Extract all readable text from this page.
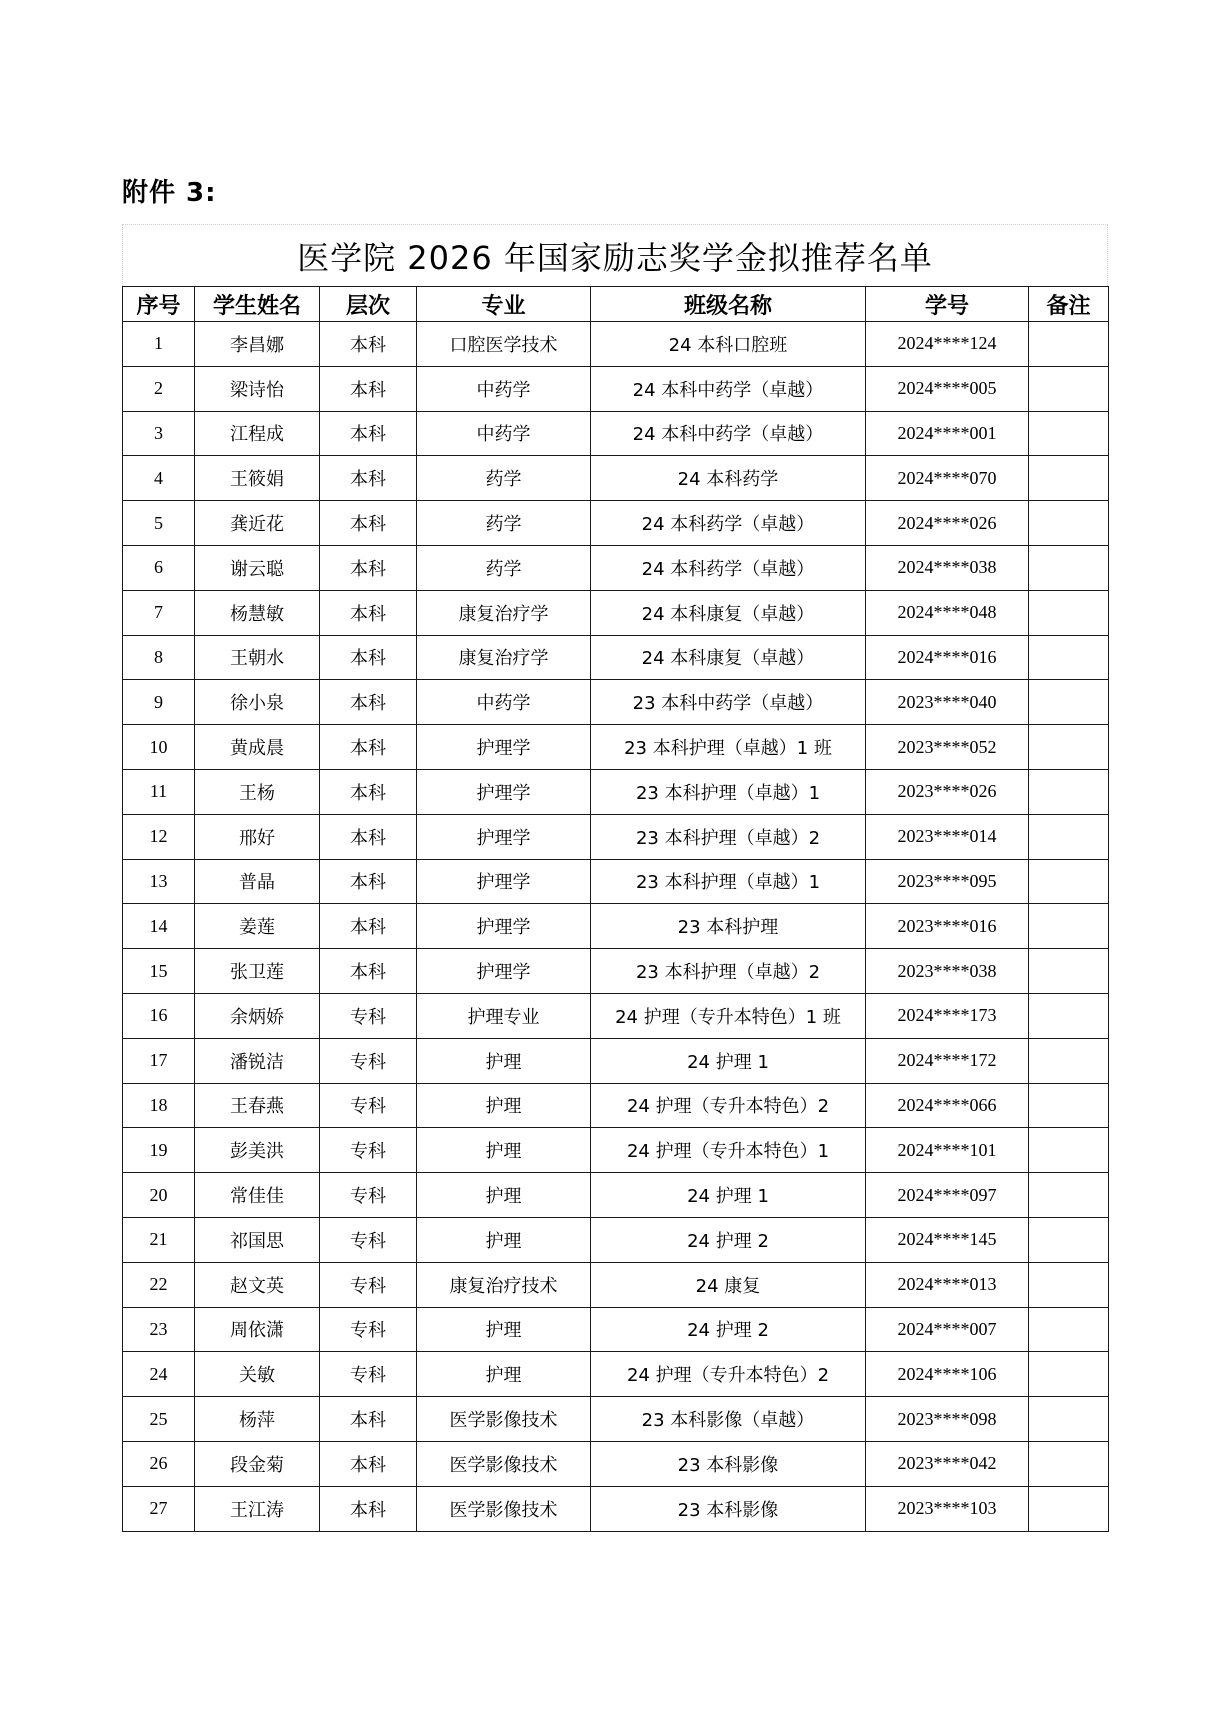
附件 3:
医学院 2026 年国家励志奖学金拟推荐名单
序号	学生姓名	层次	专业	班级名称	学号	备注
1	李昌娜	本科	口腔医学技术	24 本科口腔班	2024****124	
2	梁诗怡	本科	中药学	24 本科中药学（卓越）	2024****005	
3	江程成	本科	中药学	24 本科中药学（卓越）	2024****001	
4	王筱娟	本科	药学	24 本科药学	2024****070	
5	龚近花	本科	药学	24 本科药学（卓越）	2024****026	
6	谢云聪	本科	药学	24 本科药学（卓越）	2024****038	
7	杨慧敏	本科	康复治疗学	24 本科康复（卓越）	2024****048	
8	王朝水	本科	康复治疗学	24 本科康复（卓越）	2024****016	
9	徐小泉	本科	中药学	23 本科中药学（卓越）	2023****040	
10	黄成晨	本科	护理学	23 本科护理（卓越）1 班	2023****052	
11	王杨	本科	护理学	23 本科护理（卓越）1	2023****026	
12	邢好	本科	护理学	23 本科护理（卓越）2	2023****014	
13	普晶	本科	护理学	23 本科护理（卓越）1	2023****095	
14	姜莲	本科	护理学	23 本科护理	2023****016	
15	张卫莲	本科	护理学	23 本科护理（卓越）2	2023****038	
16	余炳娇	专科	护理专业	24 护理（专升本特色）1 班	2024****173	
17	潘锐洁	专科	护理	24 护理 1	2024****172	
18	王春燕	专科	护理	24 护理（专升本特色）2	2024****066	
19	彭美洪	专科	护理	24 护理（专升本特色）1	2024****101	
20	常佳佳	专科	护理	24 护理 1	2024****097	
21	祁国思	专科	护理	24 护理 2	2024****145	
22	赵文英	专科	康复治疗技术	24 康复	2024****013	
23	周依潇	专科	护理	24 护理 2	2024****007	
24	关敏	专科	护理	24 护理（专升本特色）2	2024****106	
25	杨萍	本科	医学影像技术	23 本科影像（卓越）	2023****098	
26	段金菊	本科	医学影像技术	23 本科影像	2023****042	
27	王江涛	本科	医学影像技术	23 本科影像	2023****103	
